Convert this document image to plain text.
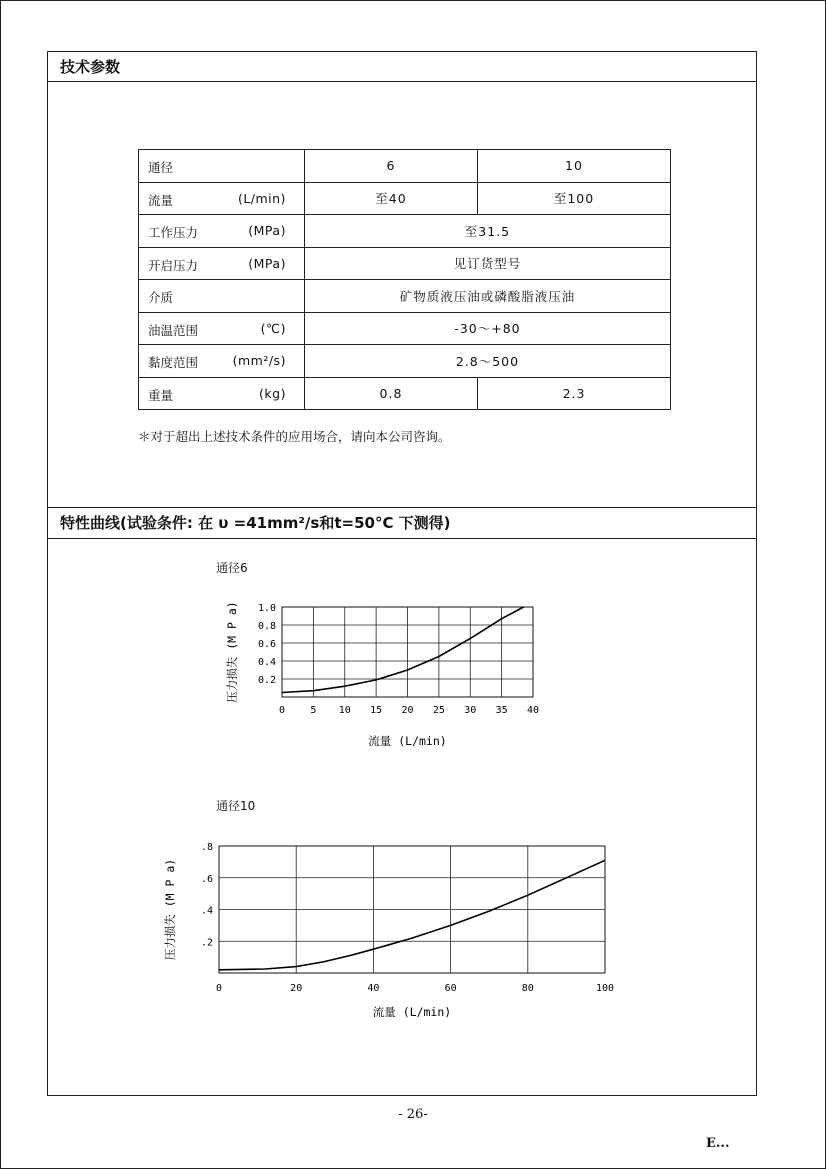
技术参数
通径	6	10

流量 (L/min)	至40	至100

工作压力 (MPa)	至31.5	

开启压力 (MPa)	见订货型号	

介质	矿物质液压油或磷酸脂液压油	

油温范围 (℃)	-30～+80	

黏度范围 (mm²/s)	2.8～500	

重量 (kg)	0.8	2.3
＊对于超出上述技术条件的应用场合，请向本公司咨询。
特性曲线(试验条件: 在 υ =41mm²/s和t=50°C 下测得)
通径6
通径10
0	5 10 15 20 25 30 35 40
0.2
0.4
0.6
0.8
1.0
流量 (L/min)
压力损失 (M P a)
0	20	40	60	80	100
.2
.4
.6
.8
流量 (L/min)
压力损失 (M P a)
- 26-
E...
